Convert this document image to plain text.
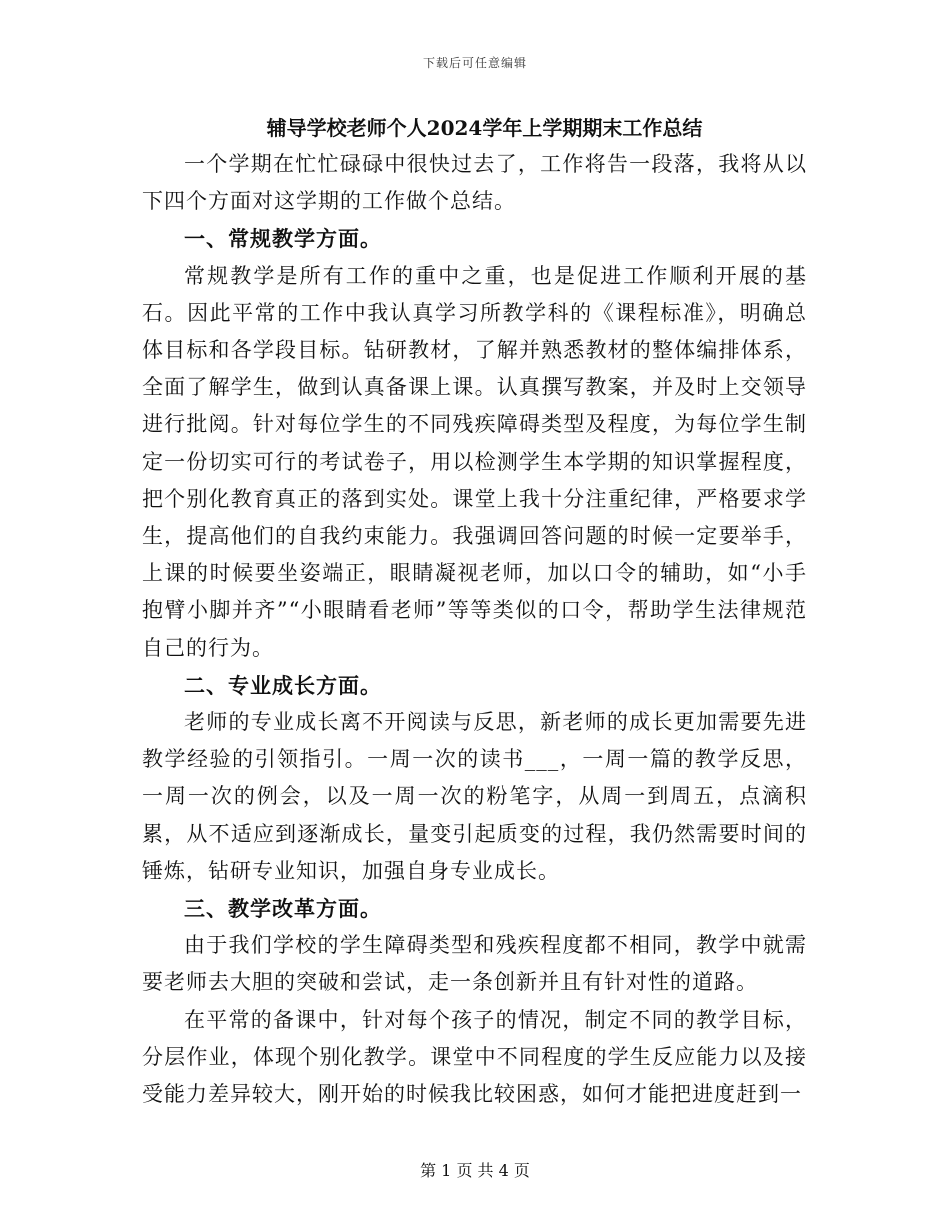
下载后可任意编辑
辅导学校老师个人2024学年上学期期末工作总结

一个学期在忙忙碌碌中很快过去了，工作将告一段落，我将从以下四个方面对这学期的工作做个总结。

一、常规教学方面。

常规教学是所有工作的重中之重，也是促进工作顺利开展的基石。因此平常的工作中我认真学习所教学科的《课程标准》，明确总体目标和各学段目标。钻研教材，了解并熟悉教材的整体编排体系，全面了解学生，做到认真备课上课。认真撰写教案，并及时上交领导进行批阅。针对每位学生的不同残疾障碍类型及程度，为每位学生制定一份切实可行的考试卷子，用以检测学生本学期的知识掌握程度，把个别化教育真正的落到实处。课堂上我十分注重纪律，严格要求学生，提高他们的自我约束能力。我强调回答问题的时候一定要举手，上课的时候要坐姿端正，眼睛凝视老师，加以口令的辅助，如“小手抱臂小脚并齐”“小眼睛看老师”等等类似的口令，帮助学生法律规范自己的行为。

二、专业成长方面。

老师的专业成长离不开阅读与反思，新老师的成长更加需要先进教学经验的引领指引。一周一次的读书___，一周一篇的教学反思，一周一次的例会，以及一周一次的粉笔字，从周一到周五，点滴积累，从不适应到逐渐成长，量变引起质变的过程，我仍然需要时间的锤炼，钻研专业知识，加强自身专业成长。

三、教学改革方面。

由于我们学校的学生障碍类型和残疾程度都不相同，教学中就需要老师去大胆的突破和尝试，走一条创新并且有针对性的道路。

在平常的备课中，针对每个孩子的情况，制定不同的教学目标，分层作业，体现个别化教学。课堂中不同程度的学生反应能力以及接受能力差异较大，刚开始的时候我比较困惑，如何才能把进度赶到一

第 1 页 共 4 页
